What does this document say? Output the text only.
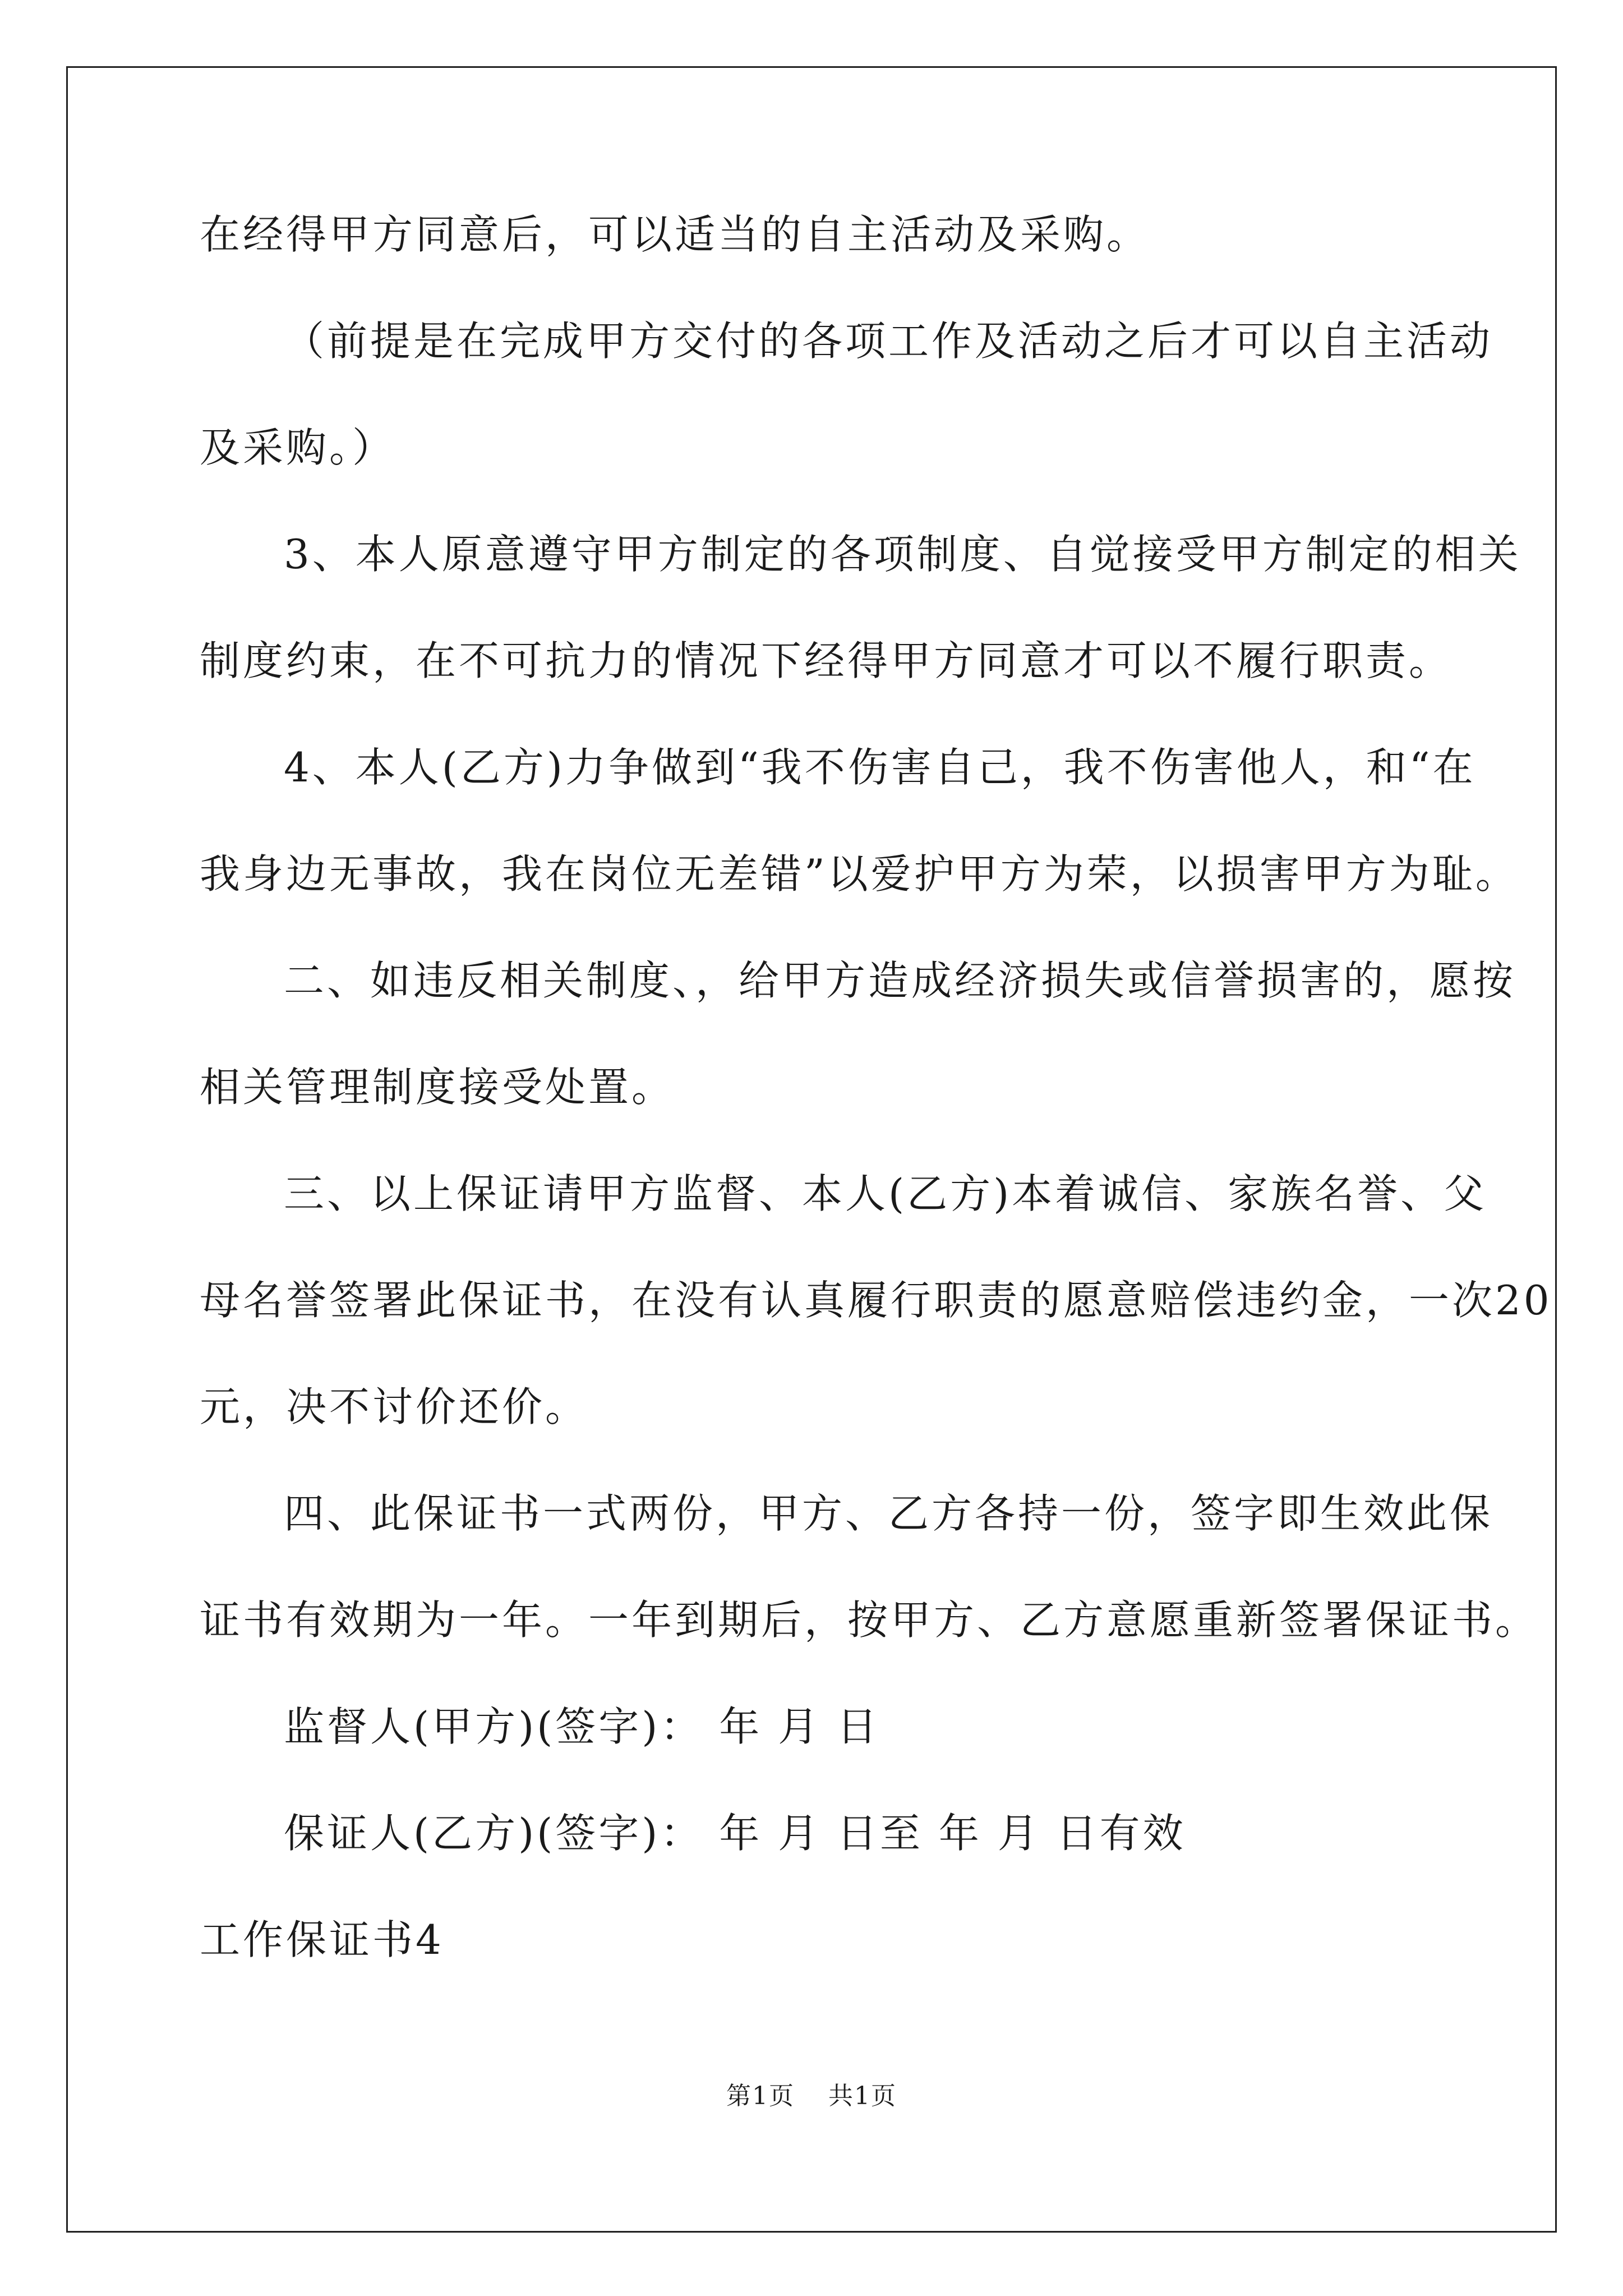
在经得甲方同意后，可以适当的自主活动及采购。
（前提是在完成甲方交付的各项工作及活动之后才可以自主活动
及采购。）
3、本人原意遵守甲方制定的各项制度、自觉接受甲方制定的相关
制度约束，在不可抗力的情况下经得甲方同意才可以不履行职责。
4、本人(乙方)力争做到“我不伤害自己，我不伤害他人，和“在
我身边无事故，我在岗位无差错”以爱护甲方为荣，以损害甲方为耻。
二、如违反相关制度、，给甲方造成经济损失或信誉损害的，愿按
相关管理制度接受处置。
三、以上保证请甲方监督、本人(乙方)本着诚信、家族名誉、父
母名誉签署此保证书，在没有认真履行职责的愿意赔偿违约金，一次20
元，决不讨价还价。
四、此保证书一式两份，甲方、乙方各持一份，签字即生效此保
证书有效期为一年。一年到期后，按甲方、乙方意愿重新签署保证书。
监督人(甲方)(签字)： 年 月 日
保证人(乙方)(签字)： 年 月 日至 年 月 日有效
工作保证书4
第1页 共1页
